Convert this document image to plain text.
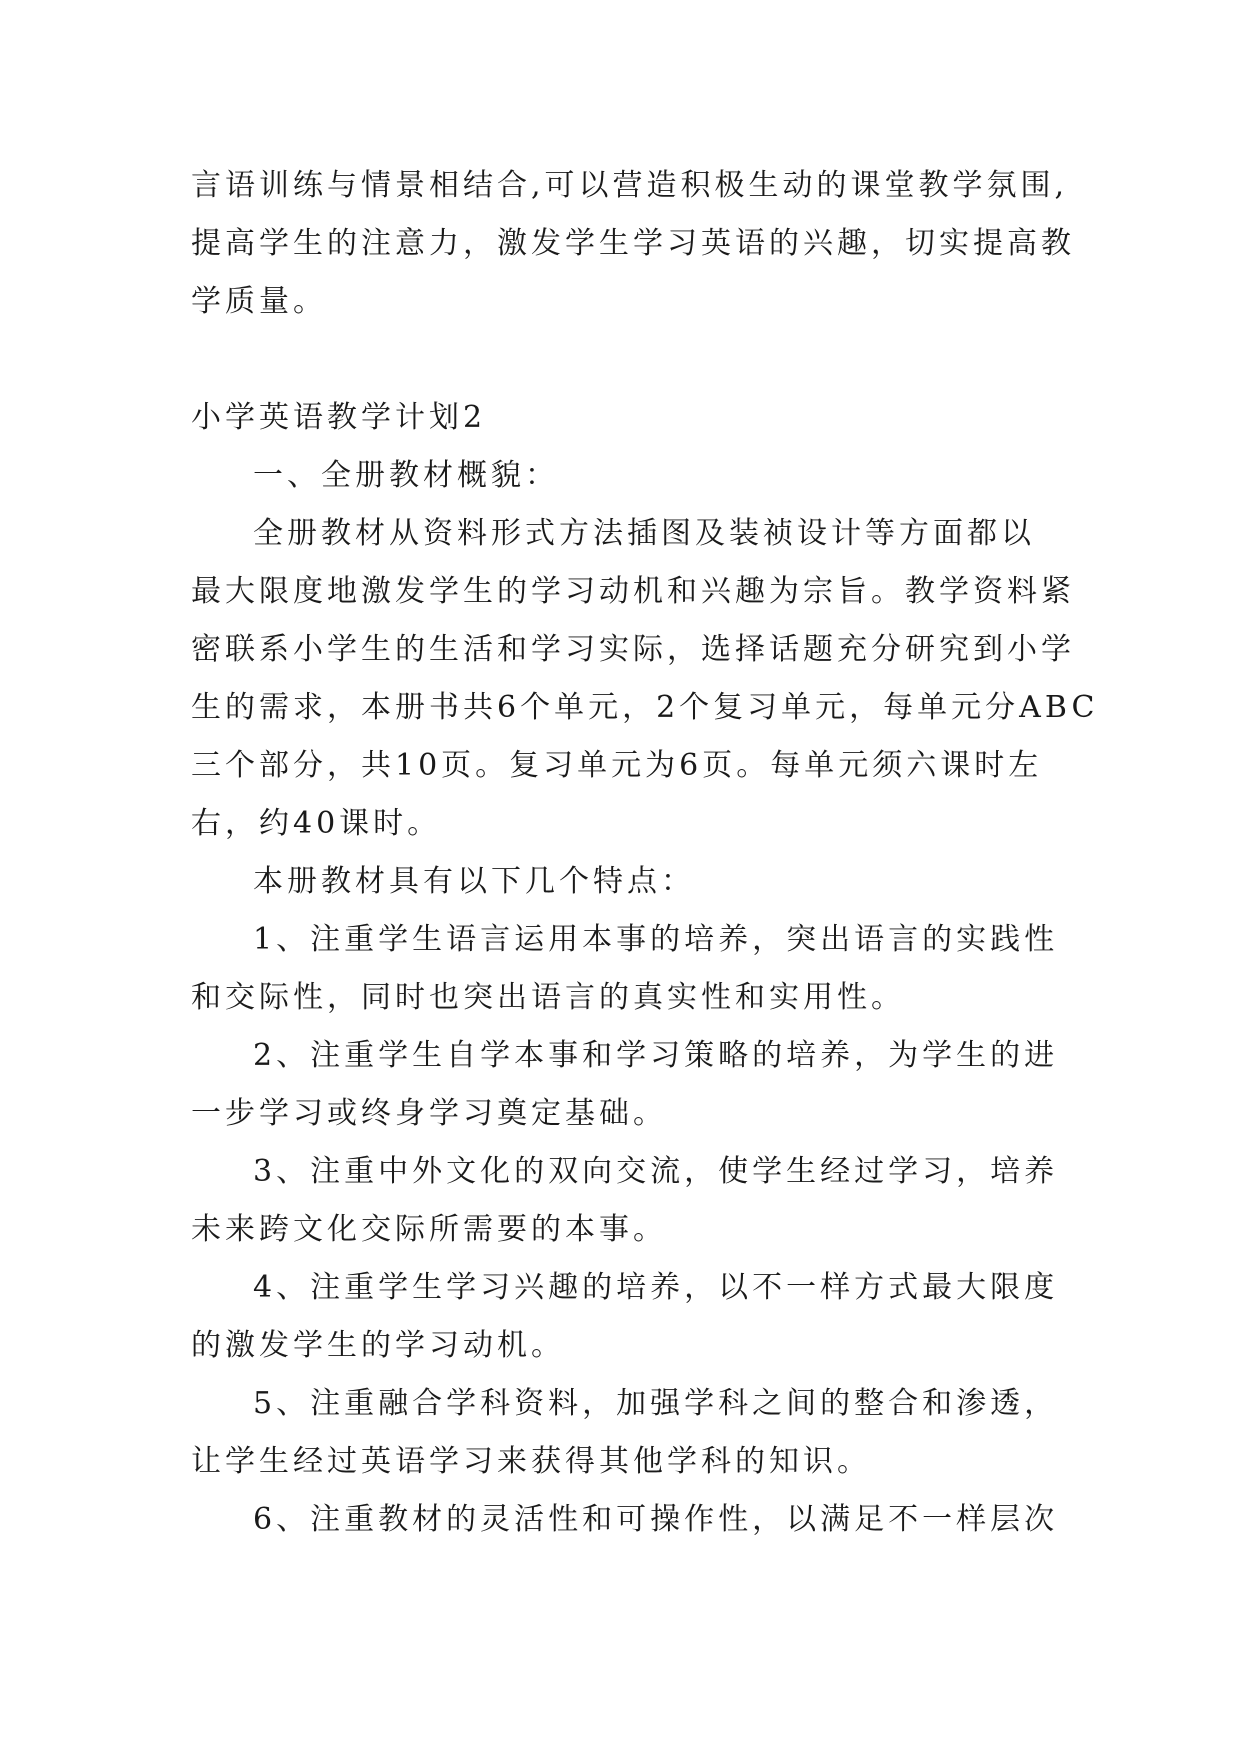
言语训练与情景相结合,可以营造积极生动的课堂教学氛围,
提高学生的注意力，激发学生学习英语的兴趣，切实提高教
学质量。
小学英语教学计划2
一、全册教材概貌：
全册教材从资料形式方法插图及装祯设计等方面都以
最大限度地激发学生的学习动机和兴趣为宗旨。教学资料紧
密联系小学生的生活和学习实际，选择话题充分研究到小学
生的需求，本册书共6个单元，2个复习单元，每单元分ABC
三个部分，共10页。复习单元为6页。每单元须六课时左
右，约40课时。
本册教材具有以下几个特点：
1、注重学生语言运用本事的培养，突出语言的实践性
和交际性，同时也突出语言的真实性和实用性。
2、注重学生自学本事和学习策略的培养，为学生的进
一步学习或终身学习奠定基础。
3、注重中外文化的双向交流，使学生经过学习，培养
未来跨文化交际所需要的本事。
4、注重学生学习兴趣的培养，以不一样方式最大限度
的激发学生的学习动机。
5、注重融合学科资料，加强学科之间的整合和渗透，
让学生经过英语学习来获得其他学科的知识。
6、注重教材的灵活性和可操作性，以满足不一样层次
